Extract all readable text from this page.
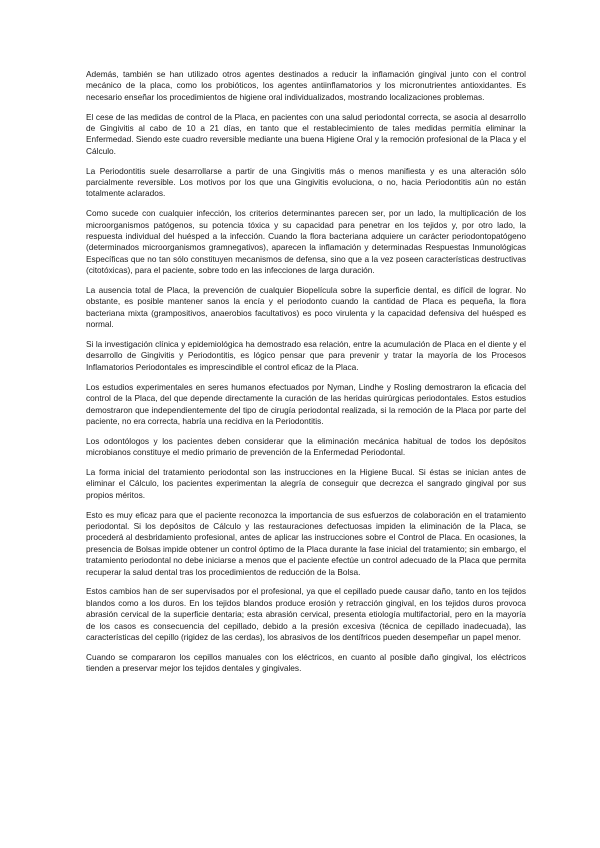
Además, también se han utilizado otros agentes destinados a reducir la inflamación gingival junto con el control mecánico de la placa, como los probióticos, los agentes antiinflamatorios y los micronutrientes antioxidantes. Es necesario enseñar los procedimientos de higiene oral individualizados, mostrando localizaciones problemas.

El cese de las medidas de control de la Placa, en pacientes con una salud periodontal correcta, se asocia al desarrollo de Gingivitis al cabo de 10 a 21 días, en tanto que el restablecimiento de tales medidas permitía eliminar la Enfermedad. Siendo este cuadro reversible mediante una buena Higiene Oral y la remoción profesional de la Placa y el Cálculo.

La Periodontitis suele desarrollarse a partir de una Gingivitis más o menos manifiesta y es una alteración sólo parcialmente reversible. Los motivos por los que una Gingivitis evoluciona, o no, hacia Periodontitis aún no están totalmente aclarados.

Como sucede con cualquier infección, los criterios determinantes parecen ser, por un lado, la multiplicación de los microorganismos patógenos, su potencia tóxica y su capacidad para penetrar en los tejidos y, por otro lado, la respuesta individual del huésped a la infección. Cuando la flora bacteriana adquiere un carácter periodontopatógeno (determinados microorganismos gramnegativos), aparecen la inflamación y determinadas Respuestas Inmunológicas Específicas que no tan sólo constituyen mecanismos de defensa, sino que a la vez poseen características destructivas (citotóxicas), para el paciente, sobre todo en las infecciones de larga duración.

La ausencia total de Placa, la prevención de cualquier Biopelícula sobre la superficie dental, es difícil de lograr. No obstante, es posible mantener sanos la encía y el periodonto cuando la cantidad de Placa es pequeña, la flora bacteriana mixta (grampositivos, anaerobios facultativos) es poco virulenta y la capacidad defensiva del huésped es normal.

Si la investigación clínica y epidemiológica ha demostrado esa relación, entre la acumulación de Placa en el diente y el desarrollo de Gingivitis y Periodontitis, es lógico pensar que para prevenir y tratar la mayoría de los Procesos Inflamatorios Periodontales es imprescindible el control eficaz de la Placa.

Los estudios experimentales en seres humanos efectuados por Nyman, Lindhe y Rosling demostraron la eficacia del control de la Placa, del que depende directamente la curación de las heridas quirúrgicas periodontales. Estos estudios demostraron que independientemente del tipo de cirugía periodontal realizada, si la remoción de la Placa por parte del paciente, no era correcta, habría una recidiva en la Periodontitis.

Los odontólogos y los pacientes deben considerar que la eliminación mecánica habitual de todos los depósitos microbianos constituye el medio primario de prevención de la Enfermedad Periodontal.

La forma inicial del tratamiento periodontal son las instrucciones en la Higiene Bucal. Si éstas se inician antes de eliminar el Cálculo, los pacientes experimentan la alegría de conseguir que decrezca el sangrado gingival por sus propios méritos.

Esto es muy eficaz para que el paciente reconozca la importancia de sus esfuerzos de colaboración en el tratamiento periodontal. Si los depósitos de Cálculo y las restauraciones defectuosas impiden la eliminación de la Placa, se procederá al desbridamiento profesional, antes de aplicar las instrucciones sobre el Control de Placa. En ocasiones, la presencia de Bolsas impide obtener un control óptimo de la Placa durante la fase inicial del tratamiento; sin embargo, el tratamiento periodontal no debe iniciarse a menos que el paciente efectúe un control adecuado de la Placa que permita recuperar la salud dental tras los procedimientos de reducción de la Bolsa.

Estos cambios han de ser supervisados por el profesional, ya que el cepillado puede causar daño, tanto en los tejidos blandos como a los duros. En los tejidos blandos produce erosión y retracción gingival, en los tejidos duros provoca abrasión cervical de la superficie dentaria; esta abrasión cervical, presenta etiología multifactorial, pero en la mayoría de los casos es consecuencia del cepillado, debido a la presión excesiva (técnica de cepillado inadecuada), las características del cepillo (rigidez de las cerdas), los abrasivos de los dentífricos pueden desempeñar un papel menor.

Cuando se compararon los cepillos manuales con los eléctricos, en cuanto al posible daño gingival, los eléctricos tienden a preservar mejor los tejidos dentales y gingivales.
